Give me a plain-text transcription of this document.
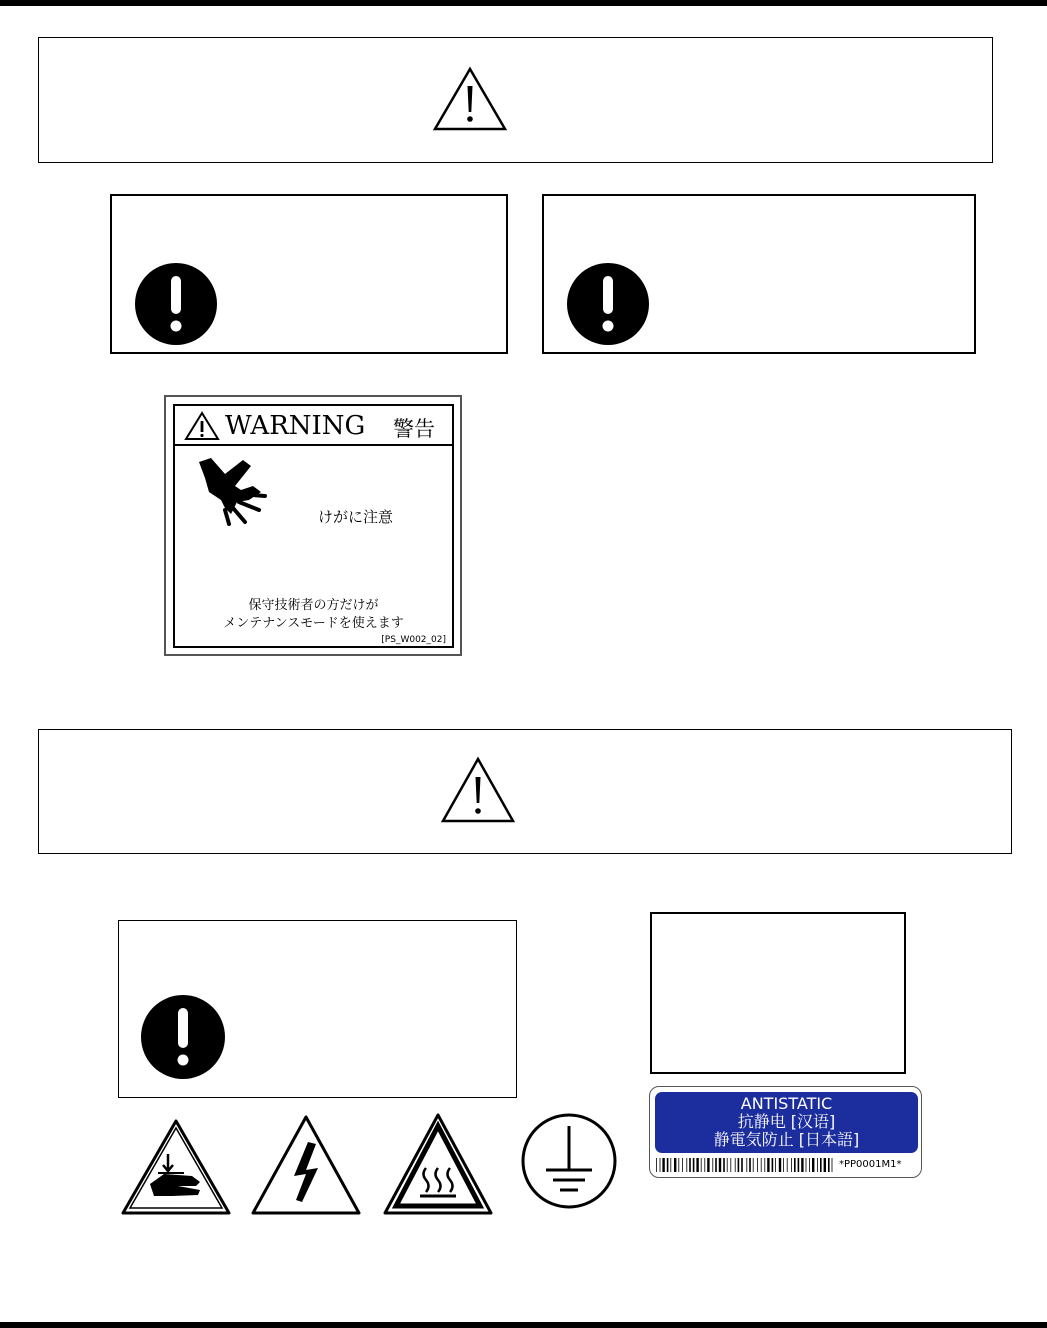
WARNING 警告
けがに注意
保守技術者の方だけが
メンテナンスモードを使えます
[PS_W002_02]
ANTISTATIC
抗静电 [汉语]
静電気防止 [日本語]
*PP0001M1*
